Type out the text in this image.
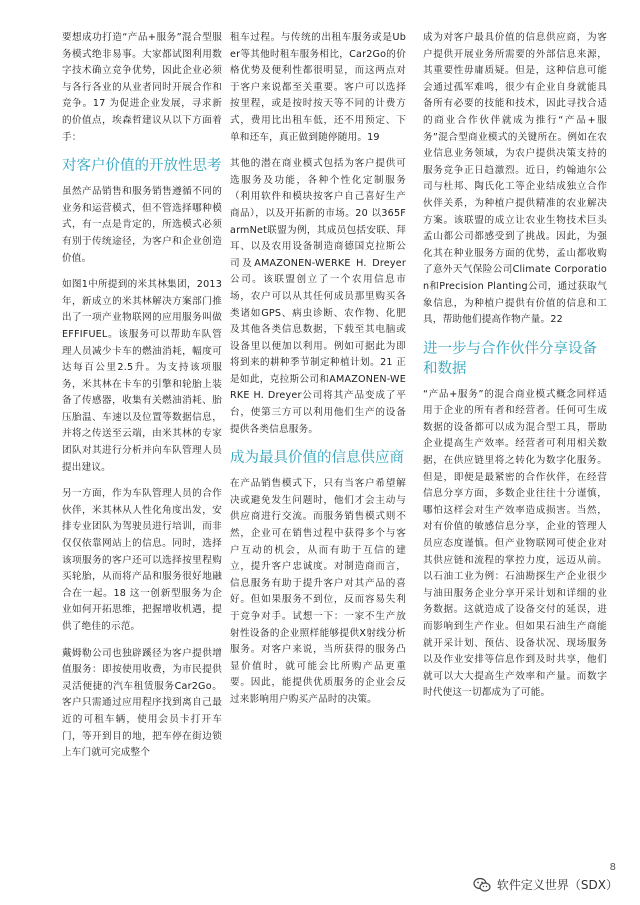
要想成功打造“产品+服务”混合型服务模式绝非易事。大家都试图利用数字技术确立竞争优势，因此企业必须与各行各业的从业者同时开展合作和竞争。17 为促进企业发展，寻求新的价值点，埃森哲建议从以下方面着手：

对客户价值的开放性思考

虽然产品销售和服务销售遵循不同的业务和运营模式，但不管选择哪种模式，有一点是肯定的，所选模式必须有别于传统途径，为客户和企业创造价值。

如图1中所提到的米其林集团，2013年，新成立的米其林解决方案部门推出了一项产业物联网的应用服务叫做EFFIFUEL。该服务可以帮助车队管理人员减少卡车的燃油消耗，幅度可达每百公里2.5升。为支持该项服务，米其林在卡车的引擎和轮胎上装备了传感器，收集有关燃油消耗、胎压胎温、车速以及位置等数据信息，并将之传送至云端，由米其林的专家团队对其进行分析并向车队管理人员提出建议。

另一方面，作为车队管理人员的合作伙伴，米其林从人性化角度出发，安排专业团队为驾驶员进行培训，而非仅仅依靠网站上的信息。同时，选择该项服务的客户还可以选择按里程购买轮胎，从而将产品和服务很好地融合在一起。18 这一创新型服务为企业如何开拓思维，把握增收机遇，提供了绝佳的示范。

戴姆勒公司也独辟蹊径为客户提供增值服务：即按使用收费，为市民提供灵活便捷的汽车租赁服务Car2Go。客户只需通过应用程序找到离自己最近的可租车辆，使用会员卡打开车门，等开到目的地，把车停在街边锁上车门就可完成整个

租车过程。与传统的出租车服务或是Uber等其他时租车服务相比，Car2Go的价格优势及便利性都很明显，而这两点对于客户来说都至关重要。客户可以选择按里程，或是按时按天等不同的计费方式，费用比出租车低，还不用预定、下单和还车，真正做到随停随用。19

其他的潜在商业模式包括为客户提供可选服务及功能，各种个性化定制服务（利用软件和模块按客户自己喜好生产商品），以及开拓新的市场。20 以365FarmNet联盟为例，其成员包括安联、拜耳、以及农用设备制造商德国克拉斯公司及AMAZONEN-WERKE H. Dreyer公司。该联盟创立了一个农用信息市场，农户可以从其任何成员那里购买各类诸如GPS、病虫诊断、农作物、化肥及其他各类信息数据，下载至其电脑或设备里以便加以利用。例如可据此为即将到来的耕种季节制定种植计划。21 正是如此，克拉斯公司和AMAZONEN-WERKE H. Dreyer公司将其产品变成了平台，使第三方可以利用他们生产的设备提供各类信息服务。

成为最具价值的信息供应商

在产品销售模式下，只有当客户希望解决或避免发生问题时，他们才会主动与供应商进行交流。而服务销售模式则不然，企业可在销售过程中获得多个与客户互动的机会，从而有助于互信的建立，提升客户忠诚度。对制造商而言，信息服务有助于提升客户对其产品的喜好。但如果服务不到位，反而容易失利于竞争对手。试想一下：一家不生产放射性设备的企业照样能够提供X射线分析服务。对客户来说，当所获得的服务凸显价值时，就可能会比所购产品更重要。因此，能提供优质服务的企业会反过来影响用户购买产品时的决策。

成为对客户最具价值的信息供应商，为客户提供开展业务所需要的外部信息来源，其重要性毋庸质疑。但是，这种信息可能会通过孤军难鸣，很少有企业自身就能具备所有必要的技能和技术，因此寻找合适的商业合作伙伴就成为推行“产品+服务”混合型商业模式的关键所在。例如在农业信息业务领域，为农户提供决策支持的服务竞争正日趋激烈。近日，约翰迪尔公司与杜邦、陶氏化工等企业结成独立合作伙伴关系，为种植户提供精准的农业解决方案。该联盟的成立让农业生物技术巨头孟山都公司都感受到了挑战。因此，为强化其在种业服务方面的优势，孟山都收购了意外天气保险公司Climate Corporation和Precision Planting公司，通过获取气象信息，为种植户提供有价值的信息和工具，帮助他们提高作物产量。22

进一步与合作伙伴分享设备和数据

“产品+服务”的混合商业模式概念同样适用于企业的所有者和经营者。任何可生成数据的设备都可以成为混合型工具，帮助企业提高生产效率。经营者可利用相关数据，在供应链里将之转化为数字化服务。但是，即便是最紧密的合作伙伴，在经营信息分享方面，多数企业往往十分谨慎，哪怕这样会对生产效率造成损害。当然，对有价值的敏感信息分享，企业的管理人员应态度谨慎。但产业物联网可使企业对其供应链和流程的掌控力度，远迈从前。以石油工业为例：石油勘探生产企业很少与油田服务企业分享开采计划和详细的业务数据。这就造成了设备交付的延误，进而影响到生产作业。但如果石油生产商能就开采计划、预估、设备状况、现场服务以及作业安排等信息作到及时共享，他们就可以大大提高生产效率和产量。而数字时代使这一切都成为了可能。

8
软件定义世界（SDX）
